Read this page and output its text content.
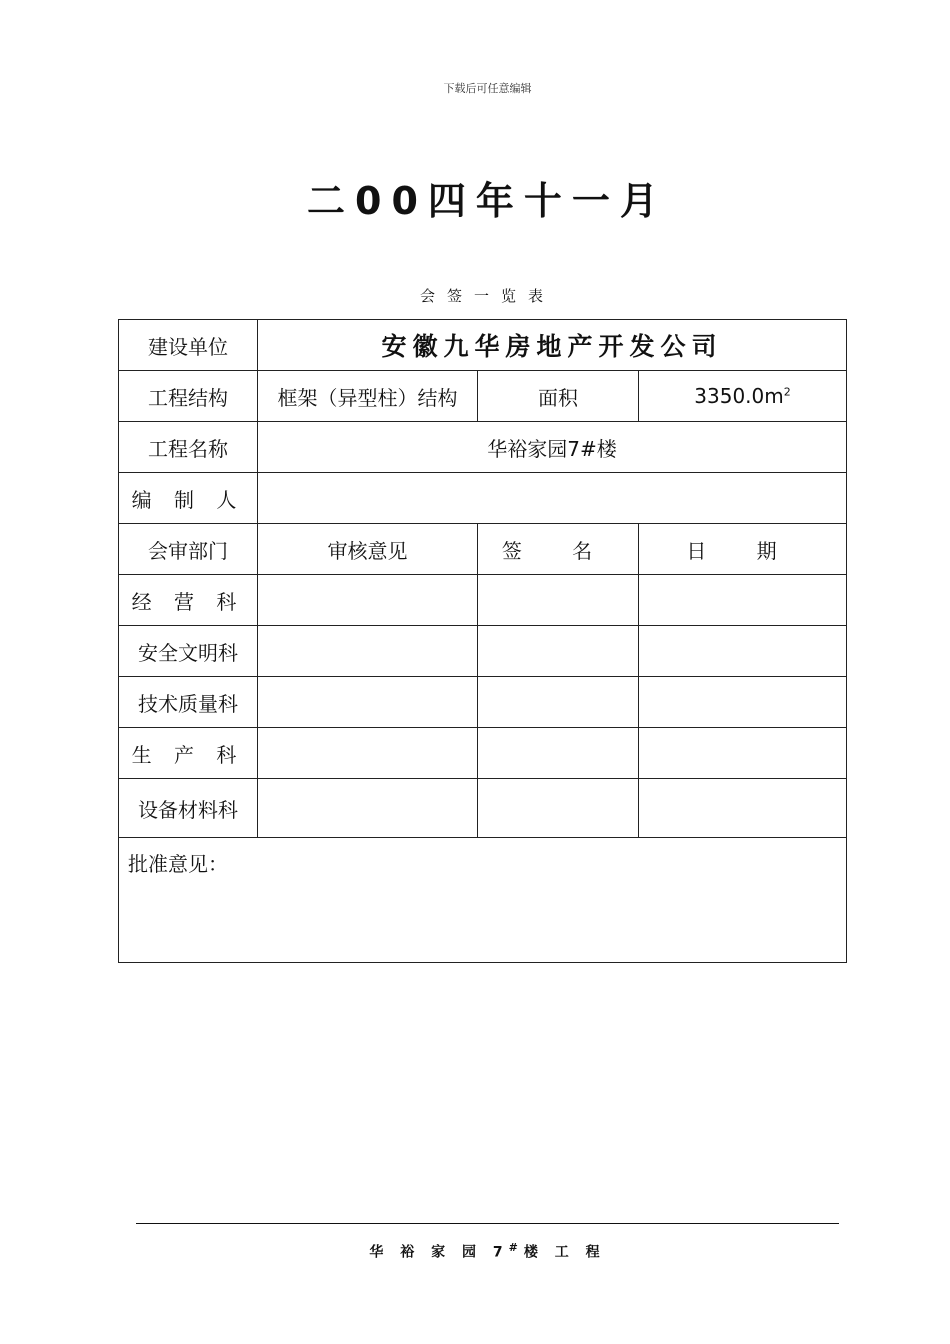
下载后可任意编辑
二00四年十一月
会签一览表
建设单位	安徽九华房地产开发公司		
工程结构	框架（异型柱）结构	面积	$3350.0m^2$
工程名称	华裕家园7#楼		
编 制 人			
会审部门	审核意见	签 名	日 期
经 营 科			
安全文明科			
技术质量科			
生 产 科			
设备材料科			
批准意见：			
华 裕 家 园 7#楼 工 程
